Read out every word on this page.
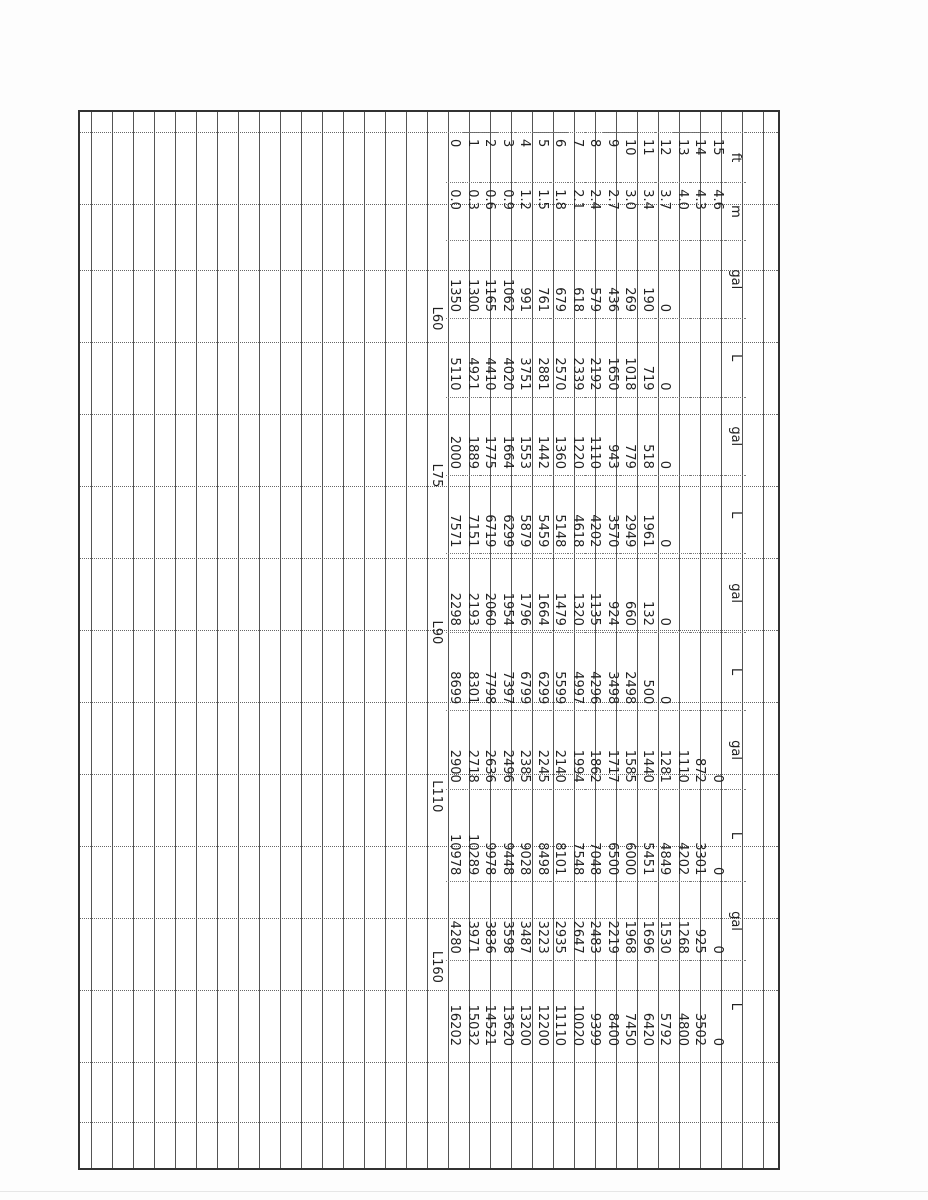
ft	m	gal	L	gal	L	gal	L	gal	L	gal	L
15	4.6							0	0	0	0
14	4.3							872	3301	925	3502
13	4.0							1110	4202	1268	4800
12	3.7	0	0	0	0	0	0	1281	4849	1530	5792
11	3.4	190	719	518	1961	132	500	1440	5451	1696	6420
10	3.0	269	1018	779	2949	660	2498	1585	6000	1968	7450
9	2.7	436	1650	943	3570	924	3498	1717	6500	2219	8400
8	2.4	579	2192	1110	4202	1135	4296	1862	7048	2483	9399
7	2.1	618	2339	1220	4618	1320	4997	1994	7548	2647	10020
6	1.8	679	2570	1360	5148	1479	5599	2140	8101	2935	11110
5	1.5	761	2881	1442	5459	1664	6299	2245	8498	3223	12200
4	1.2	991	3751	1553	5879	1796	6799	2385	9028	3487	13200
3	0.9	1062	4020	1664	6299	1954	7397	2496	9448	3598	13620
2	0.6	1165	4410	1775	6719	2060	7798	2636	9978	3836	14521
1	0.3	1300	4921	1889	7151	2193	8301	2718	10289	3971	15032
0	0.0	1350	5110	2000	7571	2298	8699	2900	10978	4280	16202
		L60		L75		L90		L110		L160	
